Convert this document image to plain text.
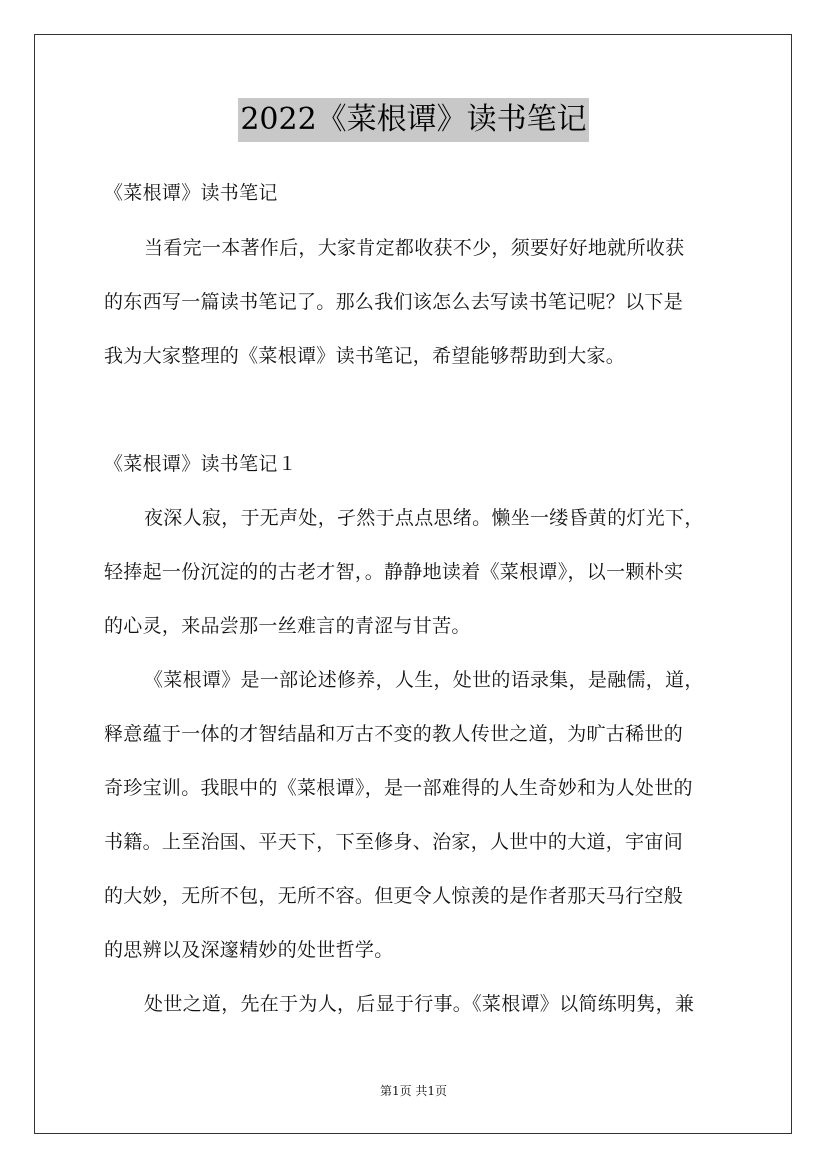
2022《菜根谭》读书笔记
《菜根谭》读书笔记
当看完一本著作后，大家肯定都收获不少，须要好好地就所收获
的东西写一篇读书笔记了。那么我们该怎么去写读书笔记呢？以下是
我为大家整理的《菜根谭》读书笔记，希望能够帮助到大家。
《菜根谭》读书笔记１
夜深人寂，于无声处，孑然于点点思绪。懒坐一缕昏黄的灯光下，
轻捧起一份沉淀的的古老才智，。静静地读着《菜根谭》，以一颗朴实
的心灵，来品尝那一丝难言的青涩与甘苦。
《菜根谭》是一部论述修养，人生，处世的语录集，是融儒，道，
释意蕴于一体的才智结晶和万古不变的教人传世之道，为旷古稀世的
奇珍宝训。我眼中的《菜根谭》，是一部难得的人生奇妙和为人处世的
书籍。上至治国、平天下，下至修身、治家，人世中的大道，宇宙间
的大妙，无所不包，无所不容。但更令人惊羡的是作者那天马行空般
的思辨以及深邃精妙的处世哲学。
处世之道，先在于为人，后显于行事。《菜根谭》以简练明隽，兼
第1页 共1页
